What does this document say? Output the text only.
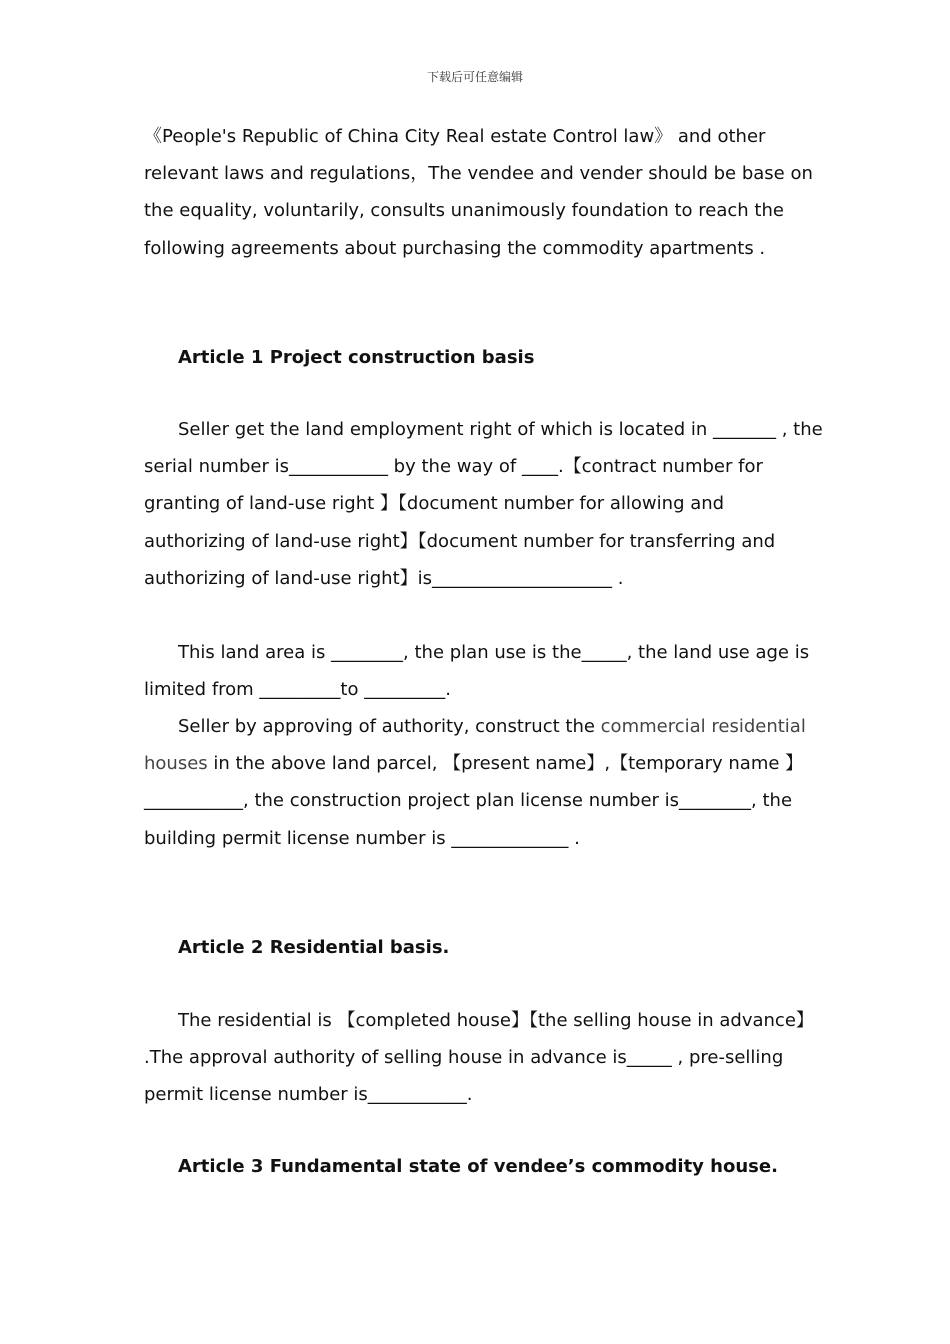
下载后可任意编辑

《People's Republic of China City Real estate Control law》 and other relevant laws and regulations，The vendee and vender should be base on the equality, voluntarily, consults unanimously foundation to reach the following agreements about purchasing the commodity apartments .

Article 1 Project construction basis

Seller get the land employment right of which is located in _______ , the serial number is___________ by the way of ____.【contract number for granting of land-use right 】【document number for allowing and authorizing of land-use right】【document number for transferring and authorizing of land-use right】is____________________ .

This land area is ________, the plan use is the_____, the land use age is limited from _________to _________.

Seller by approving of authority, construct the commercial residential houses in the above land parcel, 【present name】,【temporary name 】___________, the construction project plan license number is________, the building permit license number is _____________ .

Article 2 Residential basis.

The residential is 【completed house】【the selling house in advance】 .The approval authority of selling house in advance is_____ , pre-selling permit license number is___________.

Article 3 Fundamental state of vendee’s commodity house.
